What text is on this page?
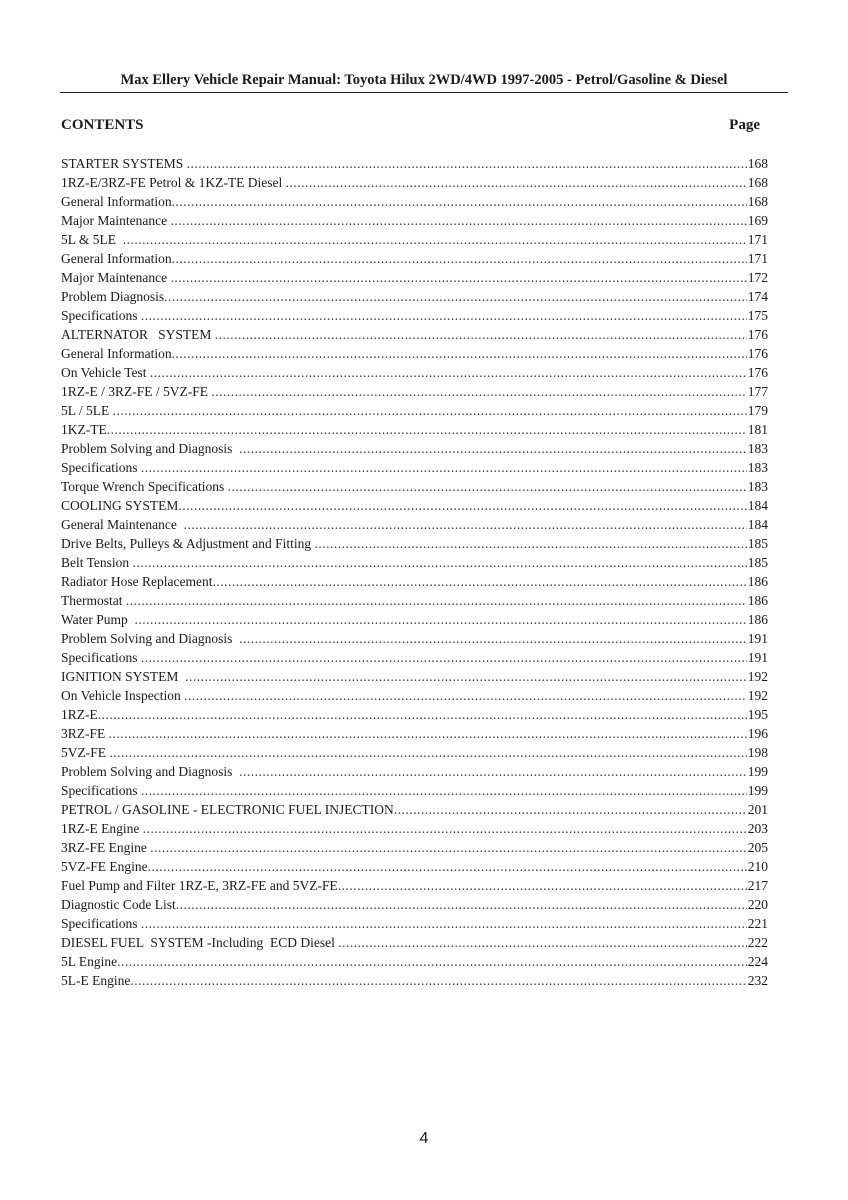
Max Ellery Vehicle Repair Manual: Toyota Hilux 2WD/4WD 1997-2005 - Petrol/Gasoline & Diesel
CONTENTS	Page
STARTER SYSTEMS .....	168
1RZ-E/3RZ-FE Petrol & 1KZ-TE Diesel .....	168
General Information .....	168
Major Maintenance .....	169
5L & 5LE .....	171
General Information .....	171
Major Maintenance .....	172
Problem Diagnosis .....	174
Specifications .....	175
ALTERNATOR   SYSTEM .....	176
General Information .....	176
On Vehicle Test .....	176
1RZ-E / 3RZ-FE / 5VZ-FE .....	177
5L / 5LE .....	179
1KZ-TE .....	181
Problem Solving and Diagnosis .....	183
Specifications .....	183
Torque Wrench Specifications .....	183
COOLING SYSTEM .....	184
General Maintenance .....	184
Drive Belts, Pulleys & Adjustment and Fitting .....	185
Belt Tension .....	185
Radiator Hose Replacement .....	186
Thermostat .....	186
Water Pump .....	186
Problem Solving and Diagnosis .....	191
Specifications .....	191
IGNITION SYSTEM .....	192
On Vehicle Inspection .....	192
1RZ-E .....	195
3RZ-FE .....	196
5VZ-FE .....	198
Problem Solving and Diagnosis .....	199
Specifications .....	199
PETROL / GASOLINE - ELECTRONIC FUEL INJECTION .....	201
1RZ-E Engine .....	203
3RZ-FE Engine .....	205
5VZ-FE Engine .....	210
Fuel Pump and Filter 1RZ-E, 3RZ-FE and 5VZ-FE .....	217
Diagnostic Code List .....	220
Specifications .....	221
DIESEL FUEL  SYSTEM -Including  ECD Diesel .....	222
5L Engine .....	224
5L-E Engine .....	232
4
